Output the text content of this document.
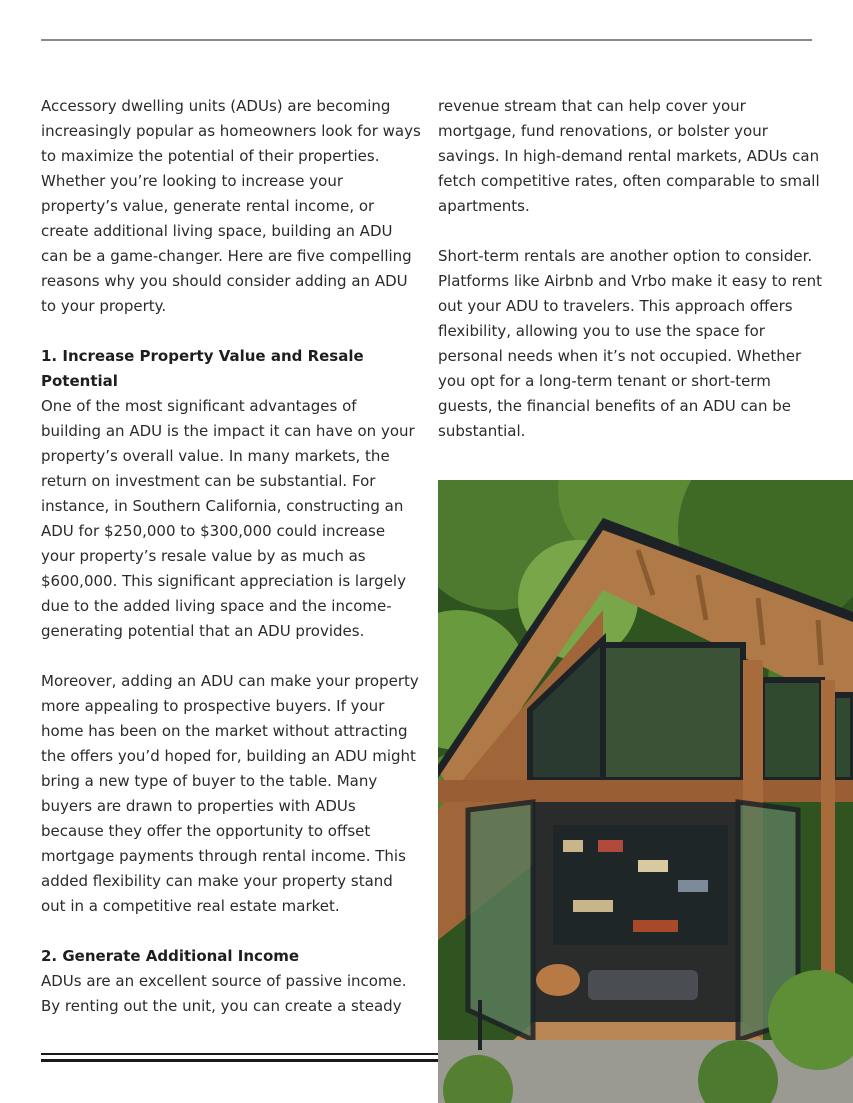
Accessory dwelling units (ADUs) are becoming increasingly popular as homeowners look for ways to maximize the potential of their properties. Whether you’re looking to increase your property’s value, generate rental income, or create additional living space, building an ADU can be a game-changer. Here are five compelling reasons why you should consider adding an ADU to your property.

1. Increase Property Value and Resale Potential

One of the most significant advantages of building an ADU is the impact it can have on your property’s overall value. In many markets, the return on investment can be substantial. For instance, in Southern California, constructing an ADU for $250,000 to $300,000 could increase your property’s resale value by as much as $600,000. This significant appreciation is largely due to the added living space and the income-generating potential that an ADU provides.

Moreover, adding an ADU can make your property more appealing to prospective buyers. If your home has been on the market without attracting the offers you’d hoped for, building an ADU might bring a new type of buyer to the table. Many buyers are drawn to properties with ADUs because they offer the opportunity to offset mortgage payments through rental income. This added flexibility can make your property stand out in a competitive real estate market.

2. Generate Additional Income

ADUs are an excellent source of passive income. By renting out the unit, you can create a steady

revenue stream that can help cover your mortgage, fund renovations, or bolster your savings. In high-demand rental markets, ADUs can fetch competitive rates, often comparable to small apartments.

Short-term rentals are another option to consider. Platforms like Airbnb and Vrbo make it easy to rent out your ADU to travelers. This approach offers flexibility, allowing you to use the space for personal needs when it’s not occupied. Whether you opt for a long-term tenant or short-term guests, the financial benefits of an ADU can be substantial.
